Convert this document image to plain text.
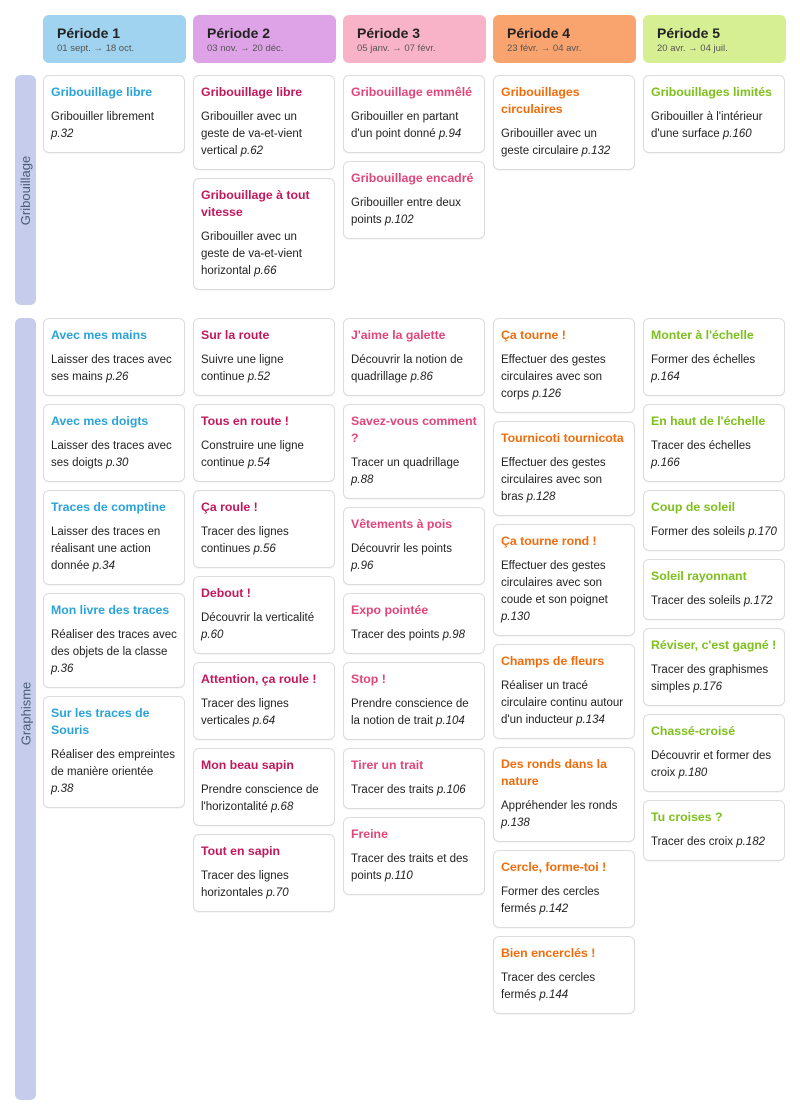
Période 1
01 sept. → 18 oct.
Période 2
03 nov. → 20 déc.
Période 3
05 janv. → 07 févr.
Période 4
23 févr. → 04 avr.
Période 5
20 avr. → 04 juil.
Gribouillage
Gribouillage libre
Gribouiller librement p.32
Gribouillage libre
Gribouiller avec un geste de va-et-vient vertical p.62
Gribouillage à tout vitesse
Gribouiller avec un geste de va-et-vient horizontal p.66
Gribouillage emmêlé
Gribouiller en partant d'un point donné p.94
Gribouillage encadré
Gribouiller entre deux points p.102
Gribouillages circulaires
Gribouiller avec un geste circulaire p.132
Gribouillages limités
Gribouiller à l'intérieur d'une surface p.160
Graphisme
Avec mes mains
Laisser des traces avec ses mains p.26
Avec mes doigts
Laisser des traces avec ses doigts p.30
Traces de comptine
Laisser des traces en réalisant une action donnée p.34
Mon livre des traces
Réaliser des traces avec des objets de la classe p.36
Sur les traces de Souris
Réaliser des empreintes de manière orientée p.38
Sur la route
Suivre une ligne continue p.52
Tous en route !
Construire une ligne continue p.54
Ça roule !
Tracer des lignes continues p.56
Debout !
Découvrir la verticalité p.60
Attention, ça roule !
Tracer des lignes verticales p.64
Mon beau sapin
Prendre conscience de l'horizontalité p.68
Tout en sapin
Tracer des lignes horizontales p.70
J'aime la galette
Découvrir la notion de quadrillage p.86
Savez-vous comment ?
Tracer un quadrillage p.88
Vêtements à pois
Découvrir les points p.96
Expo pointée
Tracer des points p.98
Stop !
Prendre conscience de la notion de trait p.104
Tirer un trait
Tracer des traits p.106
Freine
Tracer des traits et des points p.110
Ça tourne !
Effectuer des gestes circulaires avec son corps p.126
Tournicoti tournicota
Effectuer des gestes circulaires avec son bras p.128
Ça tourne rond !
Effectuer des gestes circulaires avec son coude et son poignet p.130
Champs de fleurs
Réaliser un tracé circulaire continu autour d'un inducteur p.134
Des ronds dans la nature
Appréhender les ronds p.138
Cercle, forme-toi !
Former des cercles fermés p.142
Bien encerclés !
Tracer des cercles fermés p.144
Monter à l'échelle
Former des échelles p.164
En haut de l'échelle
Tracer des échelles p.166
Coup de soleil
Former des soleils p.170
Soleil rayonnant
Tracer des soleils p.172
Réviser, c'est gagné !
Tracer des graphismes simples p.176
Chassé-croisé
Découvrir et former des croix p.180
Tu croises ?
Tracer des croix p.182
